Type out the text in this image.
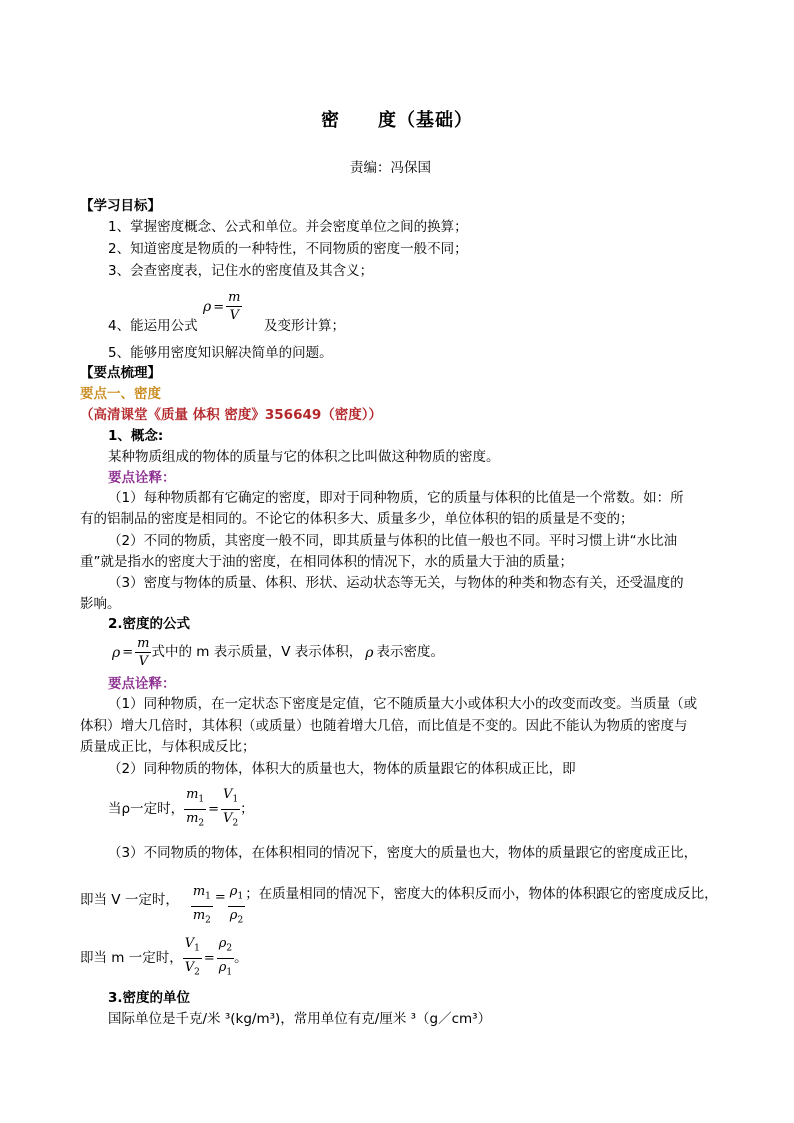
密　　度（基础）
责编：冯保国
【学习目标】
1、掌握密度概念、公式和单位。并会密度单位之间的换算；
2、知道密度是物质的一种特性，不同物质的密度一般不同；
3、会查密度表，记住水的密度值及其含义；
4、能运用公式
$\rho = \frac{m}{V}$
及变形计算；
5、能够用密度知识解决简单的问题。
【要点梳理】
要点一、密度
（高清课堂《质量 体积 密度》356649（密度））
1、概念:
某种物质组成的物体的质量与它的体积之比叫做这种物质的密度。
要点诠释：
（1）每种物质都有它确定的密度，即对于同种物质，它的质量与体积的比值是一个常数。如：所
有的铝制品的密度是相同的。不论它的体积多大、质量多少，单位体积的铝的质量是不变的；
（2）不同的物质，其密度一般不同，即其质量与体积的比值一般也不同。平时习惯上讲“水比油
重”就是指水的密度大于油的密度，在相同体积的情况下，水的质量大于油的质量；
（3）密度与物体的质量、体积、形状、运动状态等无关，与物体的种类和物态有关，还受温度的
影响。
2.密度的公式
$\rho = \frac{m}{V}$ 式中的 m 表示质量，V 表示体积， ρ 表示密度。
要点诠释：
（1）同种物质，在一定状态下密度是定值，它不随质量大小或体积大小的改变而改变。当质量（或
体积）增大几倍时，其体积（或质量）也随着增大几倍，而比值是不变的。因此不能认为物质的密度与
质量成正比，与体积成反比；
（2）同种物质的物体，体积大的质量也大，物体的质量跟它的体积成正比，即
当ρ一定时， $\frac{m_1}{m_2} = \frac{V_1}{V_2}$ ；
（3）不同物质的物体，在体积相同的情况下，密度大的质量也大，物体的质量跟它的密度成正比，
即当 V 一定时， $\frac{m_1}{m_2} = \frac{\rho_1}{\rho_2}$ ；在质量相同的情况下，密度大的体积反而小，物体的体积跟它的密度成反比，
即当 m 一定时， $\frac{V_1}{V_2} = \frac{\rho_2}{\rho_1}$ 。
3.密度的单位
国际单位是千克/米 ³(kg/m³)，常用单位有克/厘米 ³（g／cm³）
